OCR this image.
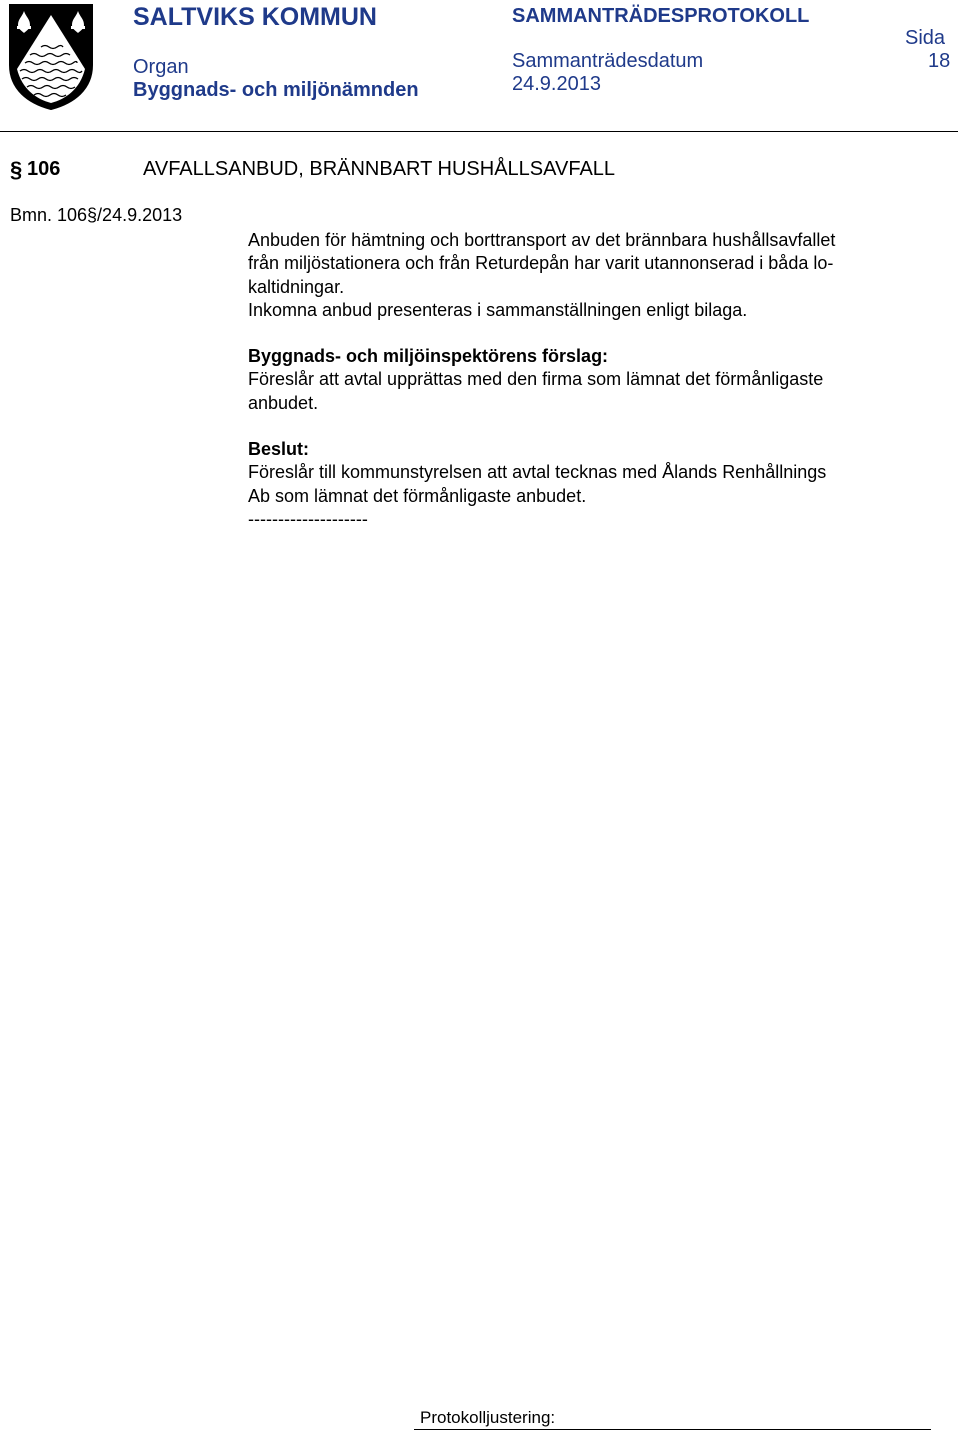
SALTVIKS KOMMUN
Organ
Byggnads- och miljönämnden
SAMMANTRÄDESPROTOKOLL
Sammanträdesdatum
24.9.2013
Sida
18
§ 106	AVFALLSANBUD, BRÄNNBART HUSHÅLLSAVFALL
Bmn. 106§/24.9.2013

Anbuden för hämtning och borttransport av det brännbara hushållsavfallet

från miljöstationera och från Returdepån har varit utannonserad i båda lo-

kaltidningar.

Inkomna anbud presenteras i sammanställningen enligt bilaga.

Byggnads- och miljöinspektörens förslag:

Föreslår att avtal upprättas med den firma som lämnat det förmånligaste

anbudet.

Beslut:

Föreslår till kommunstyrelsen att avtal tecknas med Ålands Renhållnings

Ab som lämnat det förmånligaste anbudet.

--------------------

Protokolljustering:
